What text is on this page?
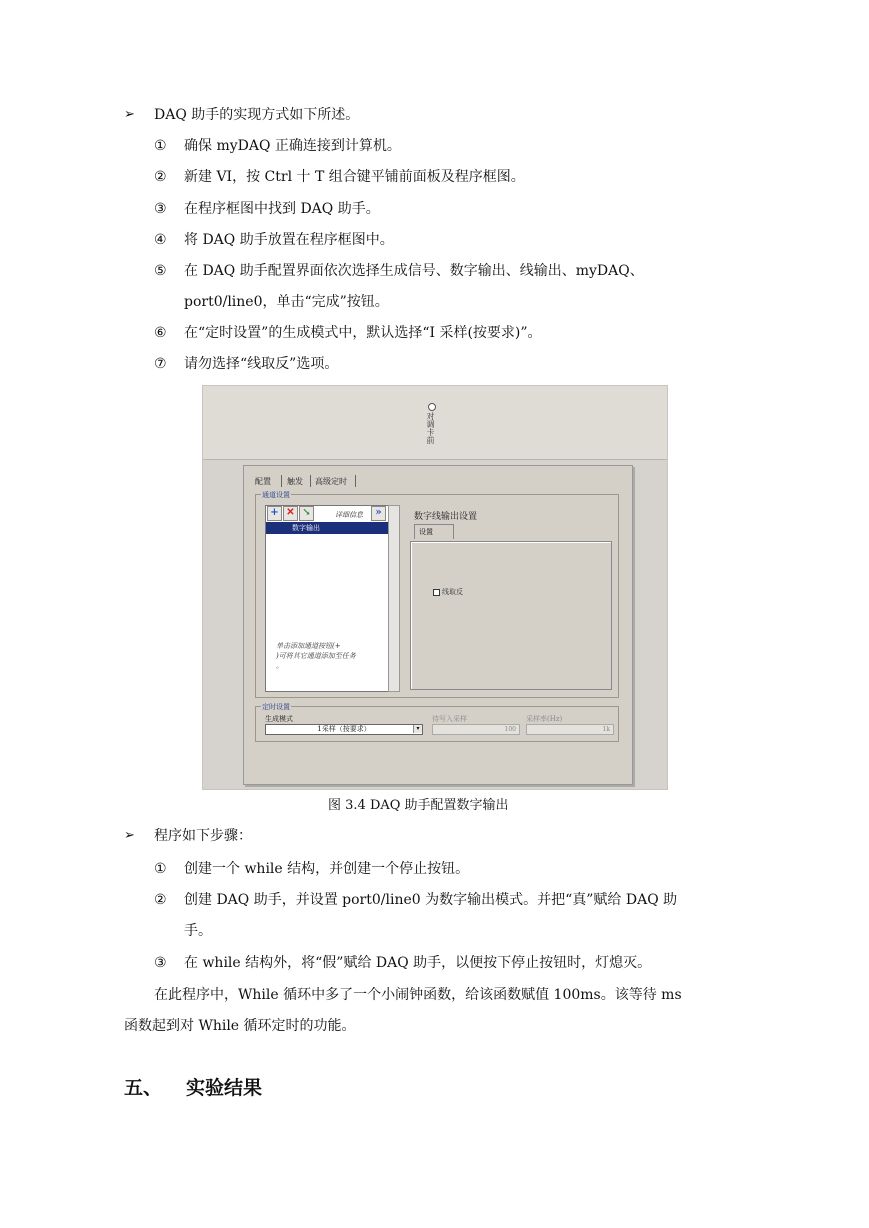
➢ DAQ 助手的实现方式如下所述。
① 确保 myDAQ 正确连接到计算机。
② 新建 VI，按 Ctrl 十 T 组合键平铺前面板及程序框图。
③ 在程序框图中找到 DAQ 助手。
④ 将 DAQ 助手放置在程序框图中。
⑤ 在 DAQ 助手配置界面依次选择生成信号、数字输出、线输出、myDAQ、
port0/line0，单击“完成”按钮。
⑥ 在“定时设置”的生成模式中，默认选择“I 采样(按要求)”。
⑦ 请勿选择“线取反”选项。
对调卡前
配置 触发 高级定时
通道设置
+ ✕ ↘	详细信息	»
数字输出
单击添加通道按钮(+
)可将其它通道添加至任务
。
数字线输出设置
设置
线取反
定时设置
生成模式
1采样（按要求）	▾
待写入采样
100
采样率(Hz)
1k
图 3.4 DAQ 助手配置数字输出
➢ 程序如下步骤：
① 创建一个 while 结构，并创建一个停止按钮。
② 创建 DAQ 助手，并设置 port0/line0 为数字输出模式。并把“真”赋给 DAQ 助
手。
③ 在 while 结构外，将“假”赋给 DAQ 助手，以便按下停止按钮时，灯熄灭。
在此程序中，While 循环中多了一个小闹钟函数，给该函数赋值 100ms。该等待 ms
函数起到对 While 循环定时的功能。
五、 实验结果
